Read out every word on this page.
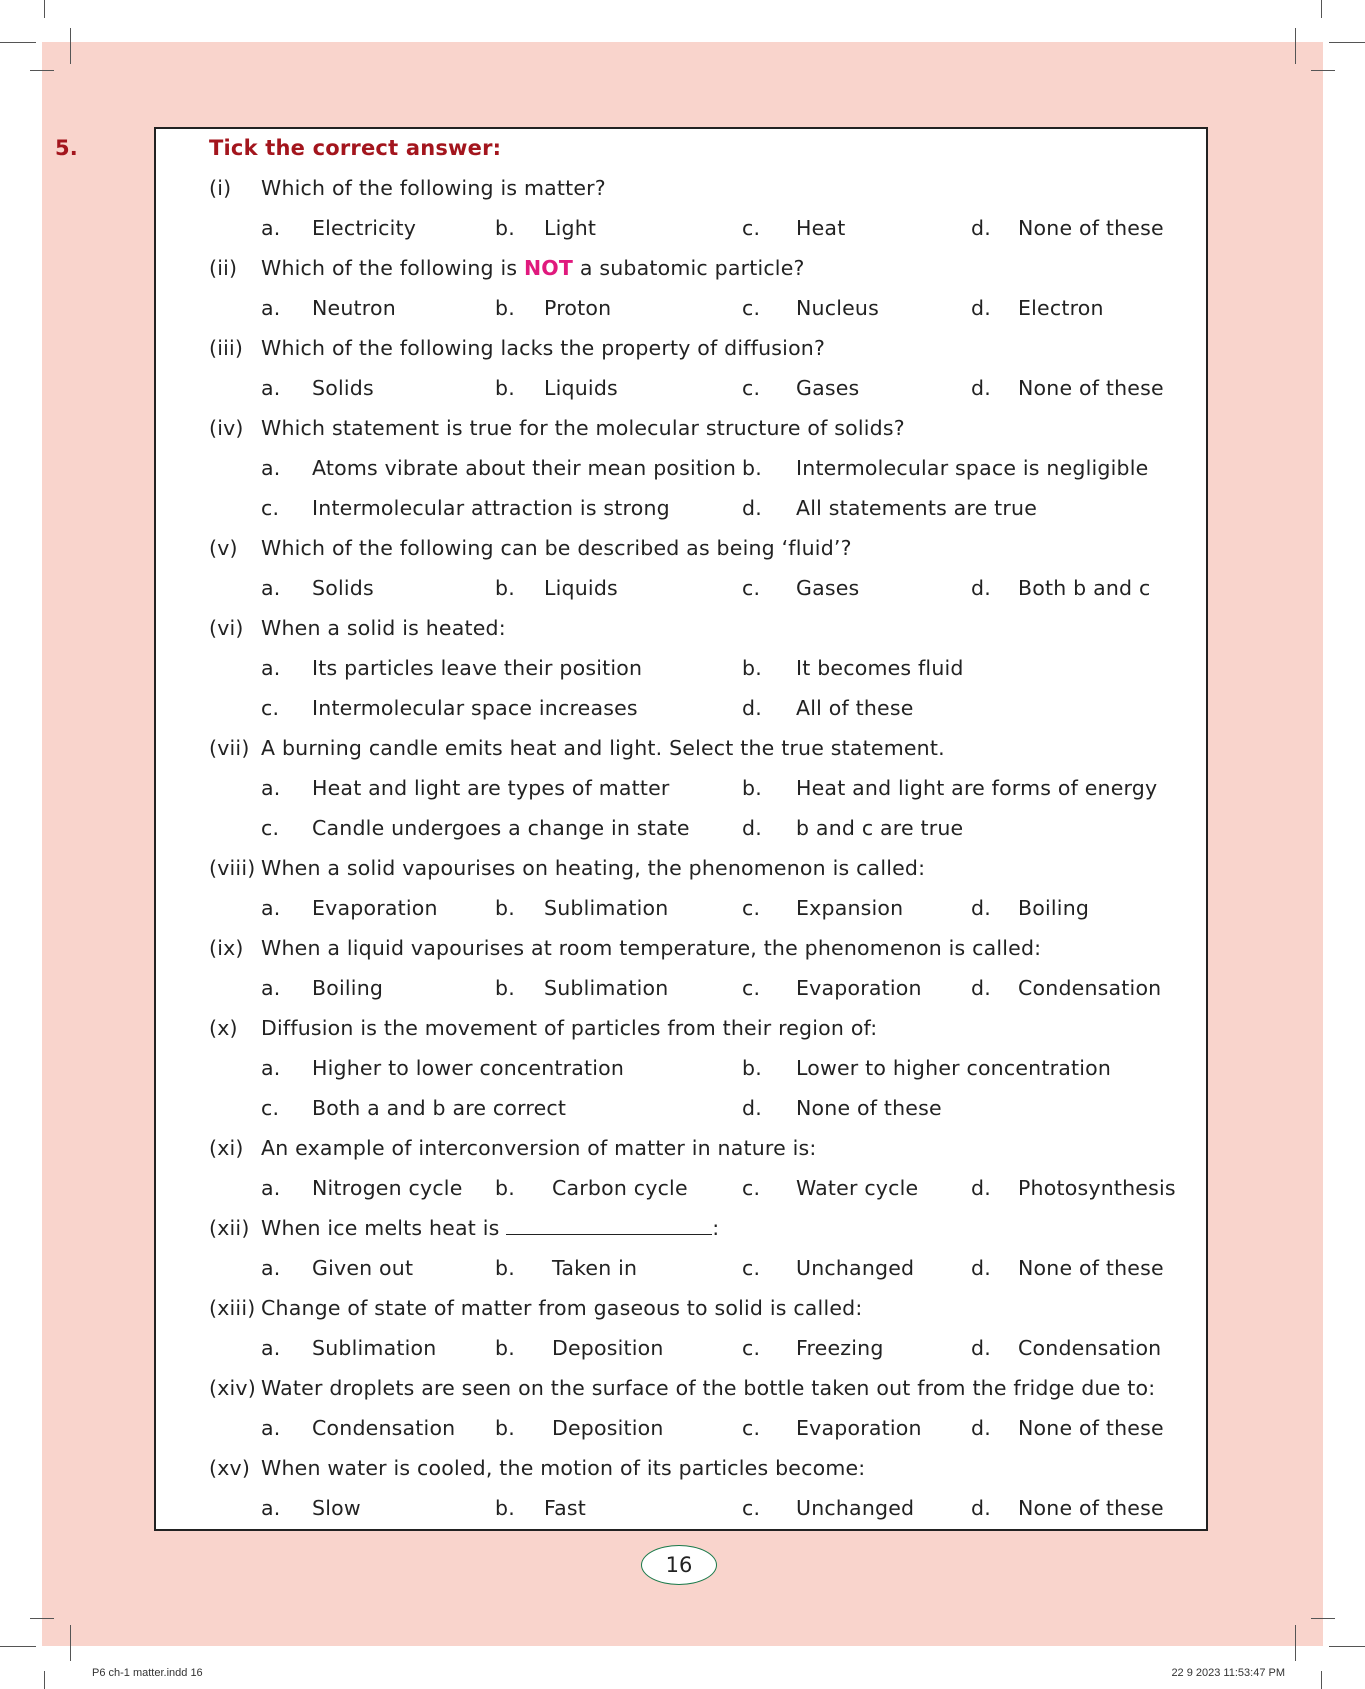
5.	Tick the correct answer:
(i) Which of the following is matter?
a. Electricity	b. Light	c. Heat	d. None of these
(ii) Which of the following is NOT a subatomic particle?
a. Neutron	b. Proton	c. Nucleus	d. Electron
(iii) Which of the following lacks the property of diffusion?
a. Solids	b. Liquids	c. Gases	d. None of these
(iv) Which statement is true for the molecular structure of solids?
a. Atoms vibrate about their mean position b. Intermolecular space is negligible
c. Intermolecular attraction is strong	d. All statements are true
(v) Which of the following can be described as being ‘fluid’?
a. Solids	b. Liquids	c. Gases	d. Both b and c
(vi) When a solid is heated:
a. Its particles leave their position	b. It becomes fluid
c. Intermolecular space increases	d. All of these
(vii) A burning candle emits heat and light. Select the true statement.
a. Heat and light are types of matter	b. Heat and light are forms of energy
c. Candle undergoes a change in state	d. b and c are true
(viii) When a solid vapourises on heating, the phenomenon is called:
a. Evaporation	b. Sublimation	c. Expansion	d. Boiling
(ix) When a liquid vapourises at room temperature, the phenomenon is called:
a. Boiling	b. Sublimation	c. Evaporation d. Condensation
(x) Diffusion is the movement of particles from their region of:
a. Higher to lower concentration	b. Lower to higher concentration
c. Both a and b are correct	d. None of these
(xi) An example of interconversion of matter in nature is:
a. Nitrogen cycle b. Carbon cycle	c. Water cycle	d. Photosynthesis
(xii) When ice melts heat is	:
a. Given out	b. Taken in	c. Unchanged	d. None of these
(xiii) Change of state of matter from gaseous to solid is called:
a. Sublimation	b. Deposition	c. Freezing	d. Condensation
(xiv) Water droplets are seen on the surface of the bottle taken out from the fridge due to:
a. Condensation b. Deposition	c. Evaporation d. None of these
(xv) When water is cooled, the motion of its particles become:
a. Slow	b. Fast	c. Unchanged	d. None of these
16
P6 ch-1 matter.indd 16	22 9 2023 11:53:47 PM
